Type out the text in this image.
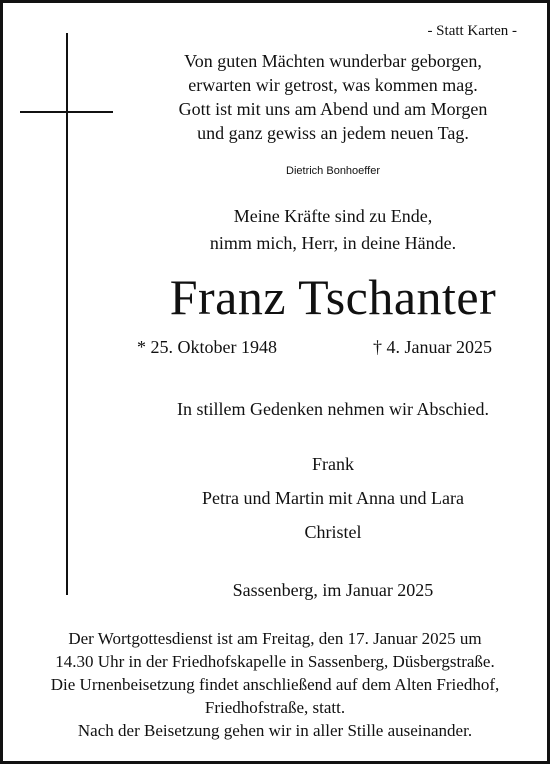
- Statt Karten -

Von guten Mächten wunderbar geborgen,
erwarten wir getrost, was kommen mag.
Gott ist mit uns am Abend und am Morgen
und ganz gewiss an jedem neuen Tag.

Dietrich Bonhoeffer

Meine Kräfte sind zu Ende,
nimm mich, Herr, in deine Hände.

Franz Tschanter

* 25. Oktober 1948	† 4. Januar 2025

In stillem Gedenken nehmen wir Abschied.

Frank
Petra und Martin mit Anna und Lara
Christel

Sassenberg, im Januar 2025

Der Wortgottesdienst ist am Freitag, den 17. Januar 2025 um
14.30 Uhr in der Friedhofskapelle in Sassenberg, Düsbergstraße.
Die Urnenbeisetzung findet anschließend auf dem Alten Friedhof,
Friedhofstraße, statt.
Nach der Beisetzung gehen wir in aller Stille auseinander.
